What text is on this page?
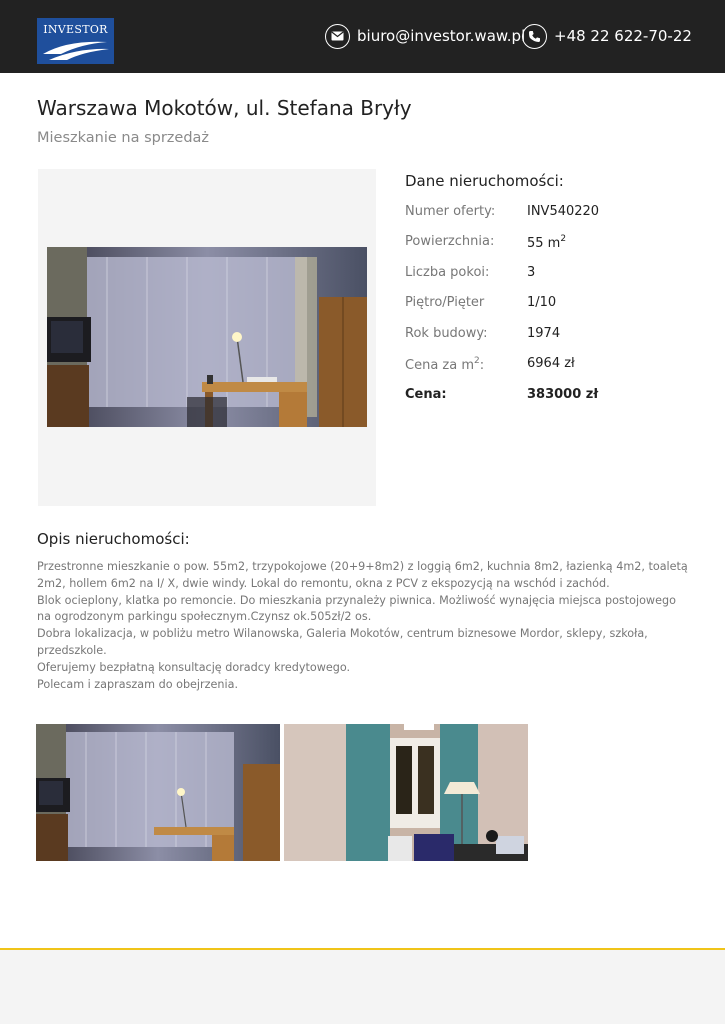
INVESTOR	biuro@investor.waw.pl +48 22 622-70-22
Warszawa Mokotów, ul. Stefana Bryły
Mieszkanie na sprzedaż
Dane nieruchomości:
Numer oferty: INV540220
Powierzchnia:	55 $m^2$
Liczba pokoi:	3
Piętro/Pięter	1/10
Rok budowy:	1974
Cena za $m^2$:	6964 zł
Cena:	383000 zł
Opis nieruchomości:

Przestronne mieszkanie o pow. 55m2, trzypokojowe (20+9+8m2) z loggią 6m2, kuchnia 8m2, łazienką 4m2, toaletą 2m2, hollem 6m2 na I/ X, dwie windy. Lokal do remontu, okna z PCV z ekspozycją na wschód i zachód.

Blok ocieplony, klatka po remoncie. Do mieszkania przynależy piwnica. Możliwość wynajęcia miejsca postojowego na ogrodzonym parkingu społecznym.Czynsz ok.505zł/2 os.

Dobra lokalizacja, w pobliżu metro Wilanowska, Galeria Mokotów, centrum biznesowe Mordor, sklepy, szkoła, przedszkole.

Oferujemy bezpłatną konsultację doradcy kredytowego.

Polecam i zapraszam do obejrzenia.
